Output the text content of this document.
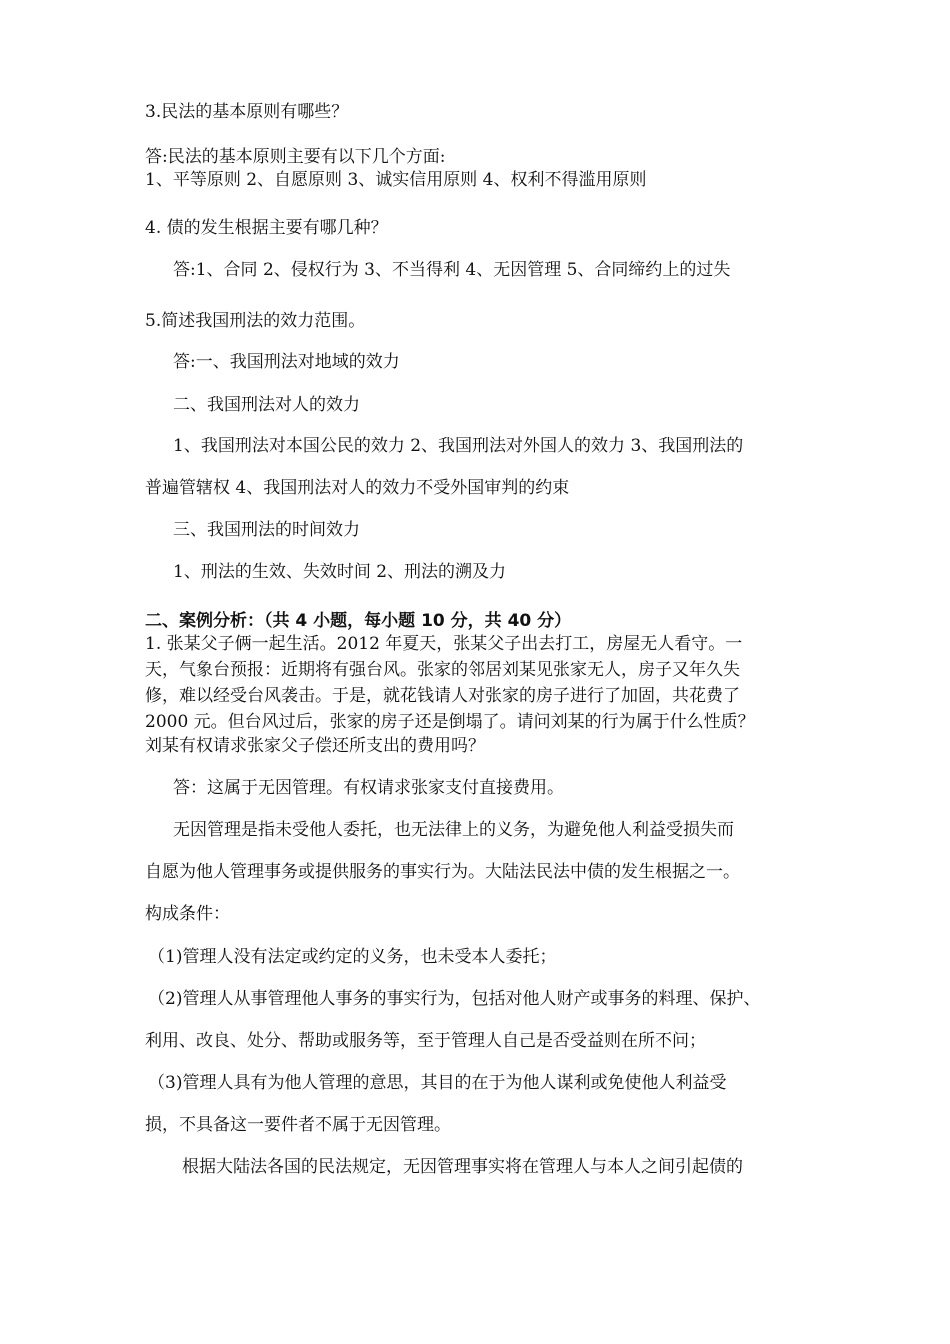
3.民法的基本原则有哪些？
答:民法的基本原则主要有以下几个方面:
1、平等原则 2、自愿原则 3、诚实信用原则 4、权利不得滥用原则
4. 债的发生根据主要有哪几种？
答:1、合同 2、侵权行为 3、不当得利 4、无因管理 5、合同缔约上的过失
5.简述我国刑法的效力范围。
答:一、我国刑法对地域的效力
二、我国刑法对人的效力
1、我国刑法对本国公民的效力 2、我国刑法对外国人的效力 3、我国刑法的
普遍管辖权 4、我国刑法对人的效力不受外国审判的约束
三、我国刑法的时间效力
1、刑法的生效、失效时间 2、刑法的溯及力
二、案例分析：（共 4 小题，每小题 10 分，共 40 分）
1. 张某父子俩一起生活。2012 年夏天，张某父子出去打工，房屋无人看守。一
天，气象台预报：近期将有强台风。张家的邻居刘某见张家无人，房子又年久失
修，难以经受台风袭击。于是，就花钱请人对张家的房子进行了加固，共花费了
2000 元。但台风过后，张家的房子还是倒塌了。请问刘某的行为属于什么性质？
刘某有权请求张家父子偿还所支出的费用吗？
答：这属于无因管理。有权请求张家支付直接费用。
无因管理是指未受他人委托，也无法律上的义务，为避免他人利益受损失而
自愿为他人管理事务或提供服务的事实行为。大陆法民法中债的发生根据之一。
构成条件：
（1)管理人没有法定或约定的义务，也未受本人委托；
（2)管理人从事管理他人事务的事实行为，包括对他人财产或事务的料理、保护、
利用、改良、处分、帮助或服务等，至于管理人自己是否受益则在所不问；
（3)管理人具有为他人管理的意思，其目的在于为他人谋利或免使他人利益受
损，不具备这一要件者不属于无因管理。
根据大陆法各国的民法规定，无因管理事实将在管理人与本人之间引起债的
